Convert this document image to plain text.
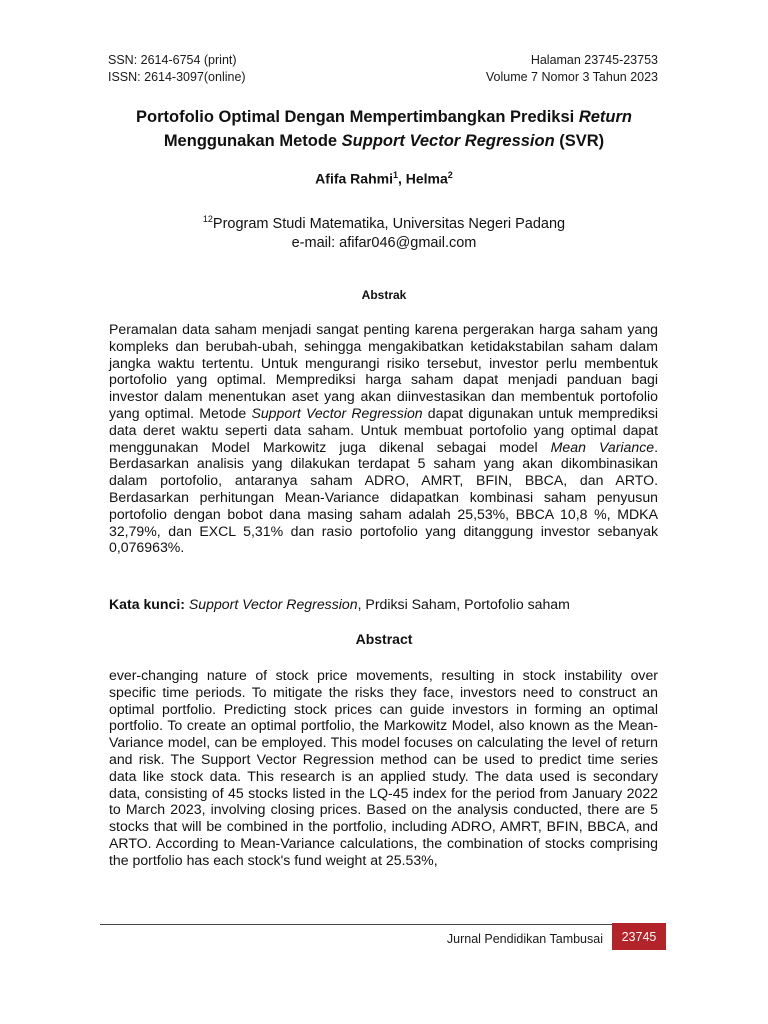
SSN: 2614-6754 (print)
ISSN: 2614-3097(online)
Halaman 23745-23753
Volume 7 Nomor 3 Tahun 2023
Portofolio Optimal Dengan Mempertimbangkan Prediksi Return
Menggunakan Metode Support Vector Regression (SVR)
Afifa Rahmi$^1$, Helma$^2$
$^{12}$Program Studi Matematika, Universitas Negeri Padang
e-mail: afifar046@gmail.com
Abstrak

Peramalan data saham menjadi sangat penting karena pergerakan harga saham yang kompleks dan berubah-ubah, sehingga mengakibatkan ketidakstabilan saham dalam jangka waktu tertentu. Untuk mengurangi risiko tersebut, investor perlu membentuk portofolio yang optimal. Memprediksi harga saham dapat menjadi panduan bagi investor dalam menentukan aset yang akan diinvestasikan dan membentuk portofolio yang optimal. Metode Support Vector Regression dapat digunakan untuk memprediksi data deret waktu seperti data saham. Untuk membuat portofolio yang optimal dapat menggunakan Model Markowitz juga dikenal sebagai model Mean Variance. Berdasarkan analisis yang dilakukan terdapat 5 saham yang akan dikombinasikan dalam portofolio, antaranya saham ADRO, AMRT, BFIN, BBCA, dan ARTO. Berdasarkan perhitungan Mean-Variance didapatkan kombinasi saham penyusun portofolio dengan bobot dana masing saham adalah 25,53%, BBCA 10,8 %, MDKA 32,79%, dan EXCL 5,31% dan rasio portofolio yang ditanggung investor sebanyak 0,076963%.

Kata kunci: Support Vector Regression, Prdiksi Saham, Portofolio saham
Abstract

ever-changing nature of stock price movements, resulting in stock instability over specific time periods. To mitigate the risks they face, investors need to construct an optimal portfolio. Predicting stock prices can guide investors in forming an optimal portfolio. To create an optimal portfolio, the Markowitz Model, also known as the Mean-Variance model, can be employed. This model focuses on calculating the level of return and risk. The Support Vector Regression method can be used to predict time series data like stock data. This research is an applied study. The data used is secondary data, consisting of 45 stocks listed in the LQ-45 index for the period from January 2022 to March 2023, involving closing prices. Based on the analysis conducted, there are 5 stocks that will be combined in the portfolio, including ADRO, AMRT, BFIN, BBCA, and ARTO. According to Mean-Variance calculations, the combination of stocks comprising the portfolio has each stock's fund weight at 25.53%,

Jurnal Pendidikan Tambusai	23745
